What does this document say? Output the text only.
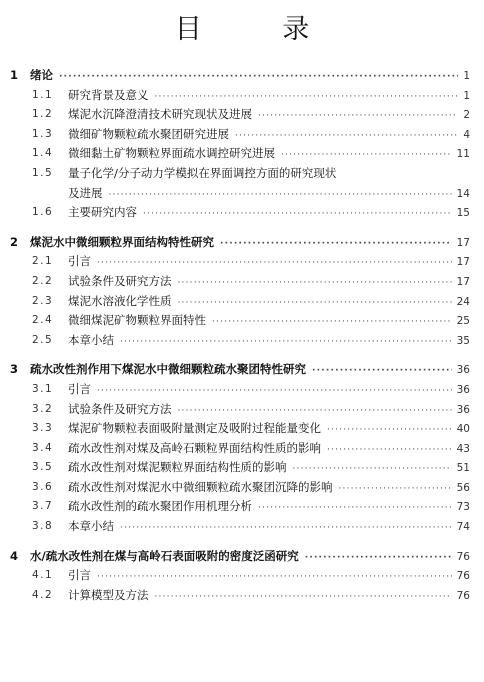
目 录
1 绪论 ·····	1
1.1 研究背景及意义 ·····	1
1.2 煤泥水沉降澄清技术研究现状及进展 ·····	2
1.3 微细矿物颗粒疏水聚团研究进展 ·····	4
1.4 微细黏土矿物颗粒界面疏水调控研究进展 ·····	11
1.5 量子化学/分子动力学模拟在界面调控方面的研究现状
及进展 ·····	14
1.6 主要研究内容 ·····	15
2 煤泥水中微细颗粒界面结构特性研究 ·····	17
2.1 引言 ·····	17
2.2 试验条件及研究方法 ·····	17
2.3 煤泥水溶液化学性质 ·····	24
2.4 微细煤泥矿物颗粒界面特性 ·····	25
2.5 本章小结 ·····	35
3 疏水改性剂作用下煤泥水中微细颗粒疏水聚团特性研究 ·····	36
3.1 引言 ·····	36
3.2 试验条件及研究方法 ·····	36
3.3 煤泥矿物颗粒表面吸附量测定及吸附过程能量变化 ·····	40
3.4 疏水改性剂对煤及高岭石颗粒界面结构性质的影响 ·····	43
3.5 疏水改性剂对煤泥颗粒界面结构性质的影响 ·····	51
3.6 疏水改性剂对煤泥水中微细颗粒疏水聚团沉降的影响 ·····	56
3.7 疏水改性剂的疏水聚团作用机理分析 ·····	73
3.8 本章小结 ·····	74
4 水/疏水改性剂在煤与高岭石表面吸附的密度泛函研究 ·····	76
4.1 引言 ·····	76
4.2 计算模型及方法 ·····	76
